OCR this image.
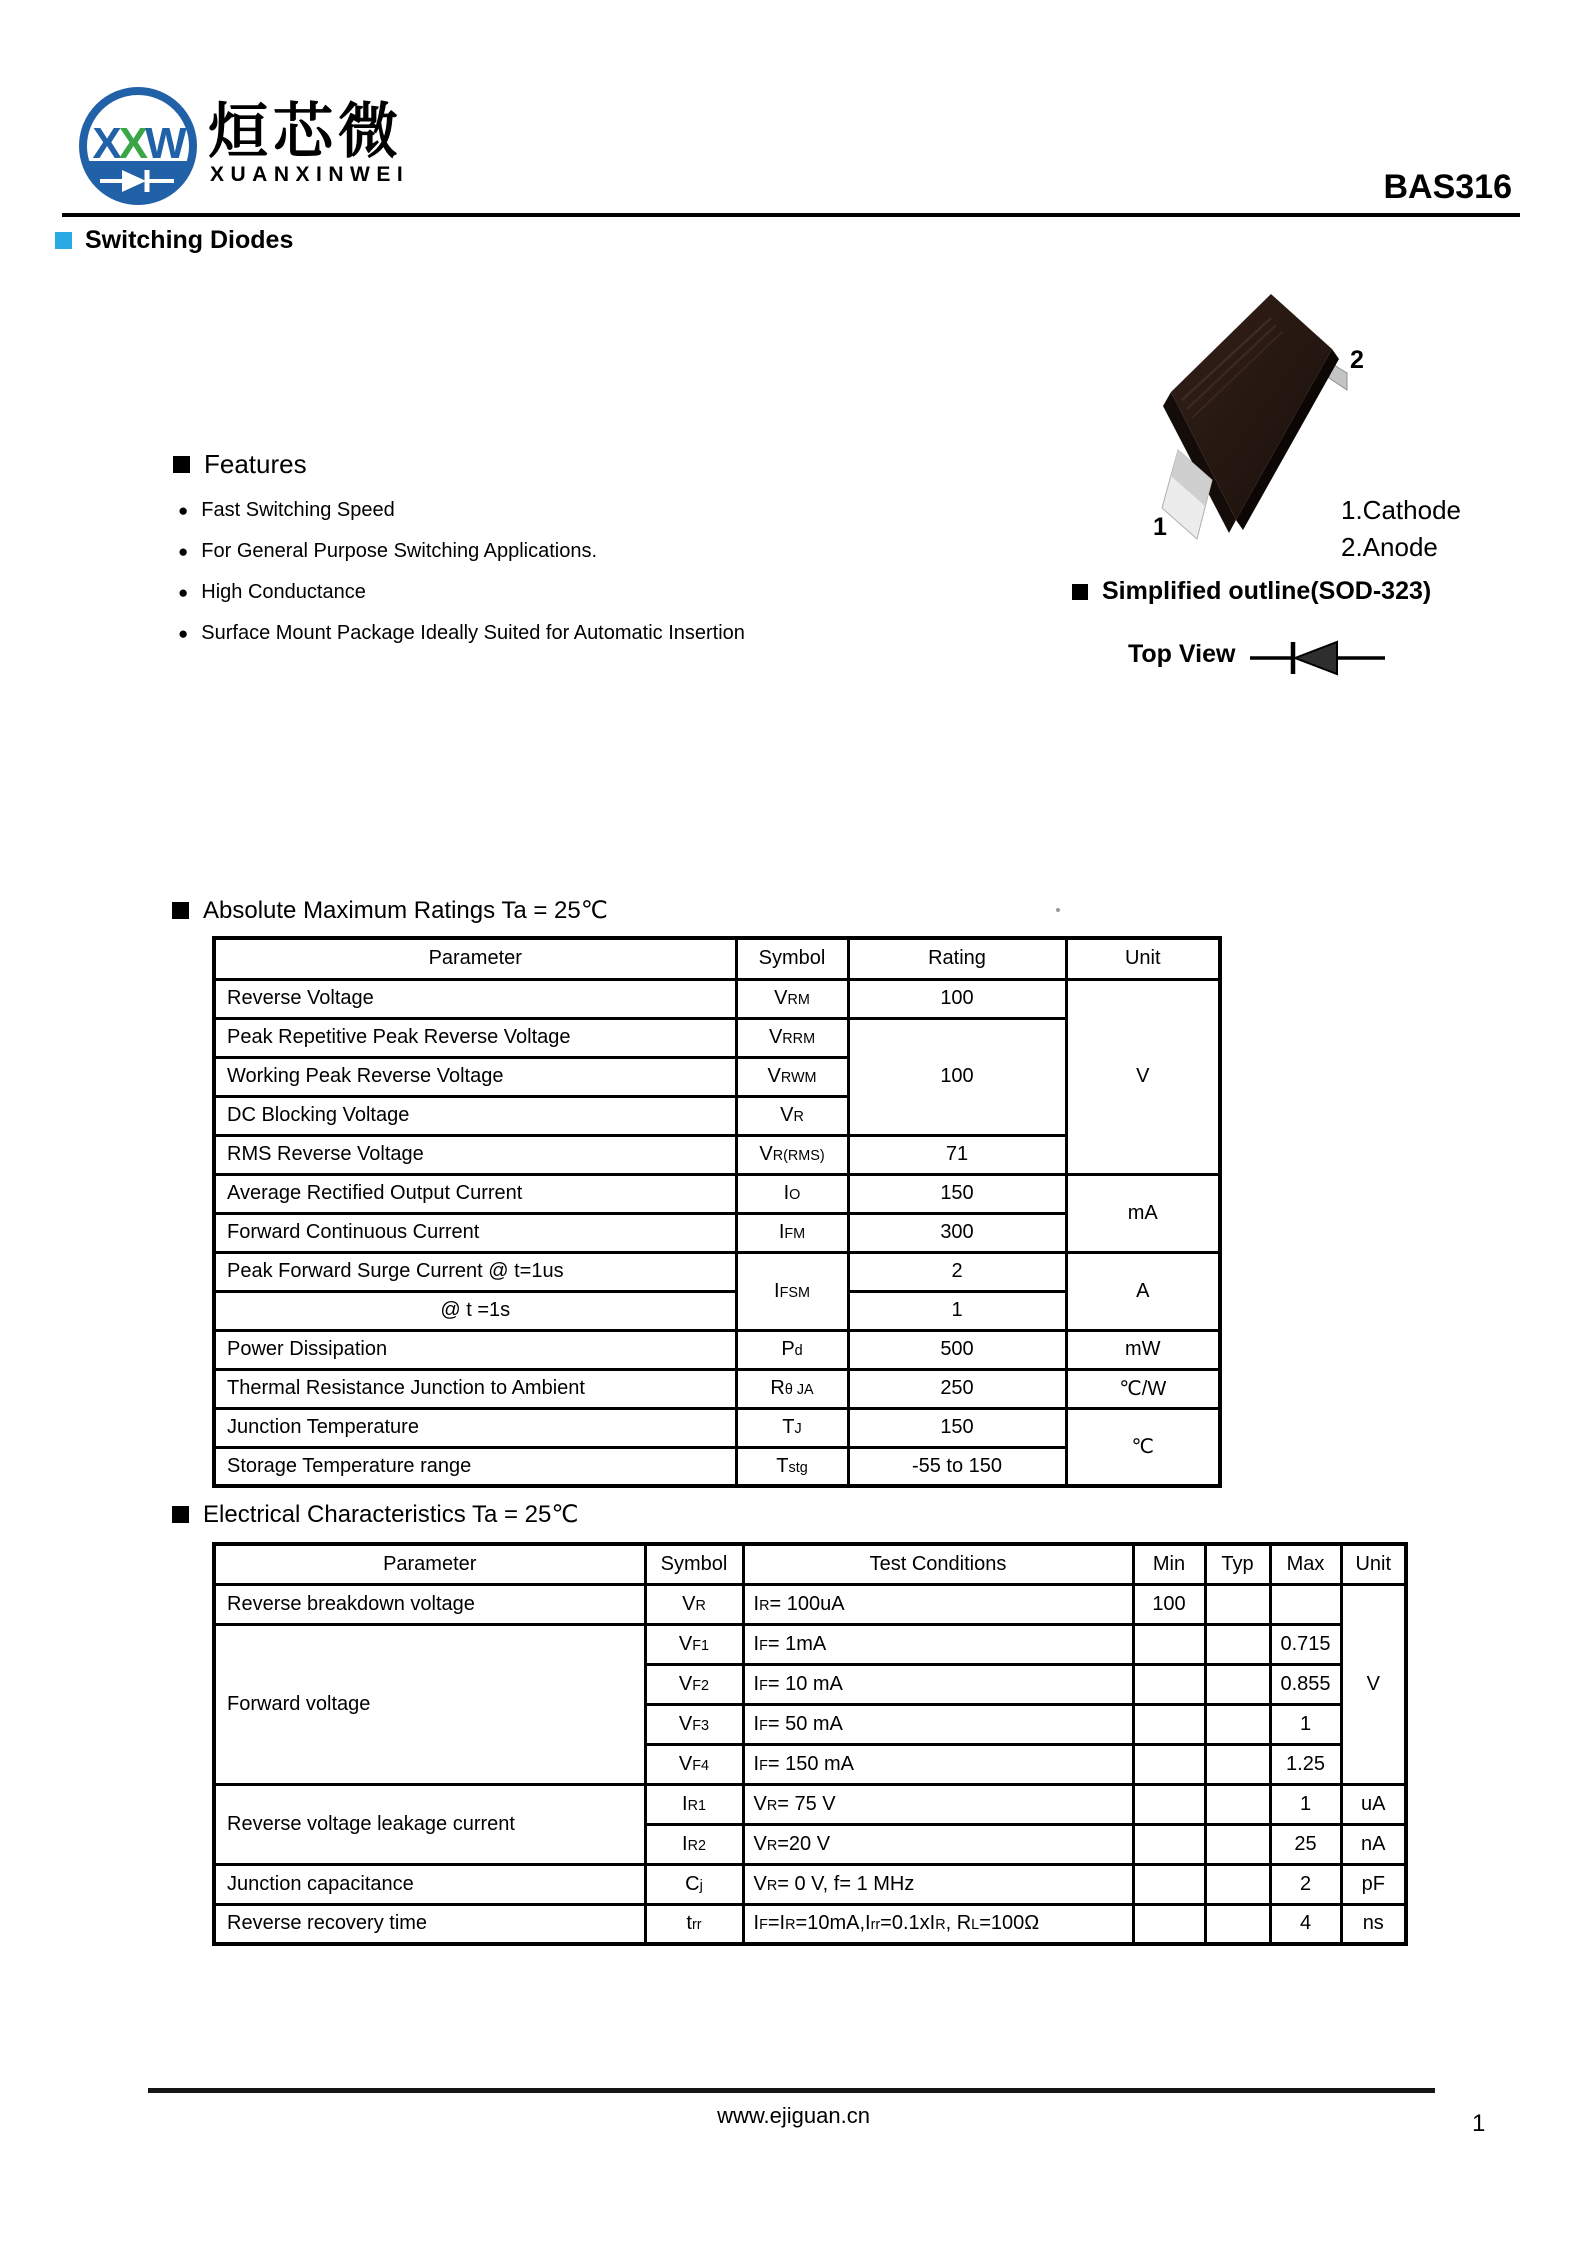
XXW 烜芯微
XUANXINWEI	BAS316
Switching Diodes
Features
● Fast Switching Speed
● For General Purpose Switching Applications.
● High Conductance
● Surface Mount Package Ideally Suited for Automatic Insertion
2
1
1.Cathode
2.Anode
Simplified outline(SOD-323)
Top View
Absolute Maximum Ratings Ta = 25℃
Parameter	Symbol	Rating	Unit
Reverse Voltage	VRM	100	V
Peak Repetitive Peak Reverse Voltage	VRRM	100	
Working Peak Reverse Voltage	VRWM		
DC Blocking Voltage	VR		
RMS Reverse Voltage	VR(RMS)	71	
Average Rectified Output Current	IO	150	mA
Forward Continuous Current	IFM	300	
Peak Forward Surge Current @ t=1us	IFSM	2	A
@ t =1s		1	
Power Dissipation	Pd	500	mW
Thermal Resistance Junction to Ambient	Rθ JA	250	℃/W
Junction Temperature	TJ	150	℃
Storage Temperature range	Tstg	-55 to 150	
Electrical Characteristics Ta = 25℃
Parameter	Symbol	Test Conditions	Min	Typ	Max	Unit
Reverse breakdown voltage	VR	IR= 100uA	100			V
Forward voltage	VF1	IF= 1mA			0.715	
	VF2	IF= 10 mA			0.855	
	VF3	IF= 50 mA			1	
	VF4	IF= 150 mA			1.25	
Reverse voltage leakage current	IR1	VR= 75 V			1	uA
	IR2	VR=20 V			25	nA
Junction capacitance	Cj	VR= 0 V, f= 1 MHz			2	pF
Reverse recovery time	trr	IF=IR=10mA,Irr=0.1xIR, RL=100Ω			4	ns
www.ejiguan.cn	1
